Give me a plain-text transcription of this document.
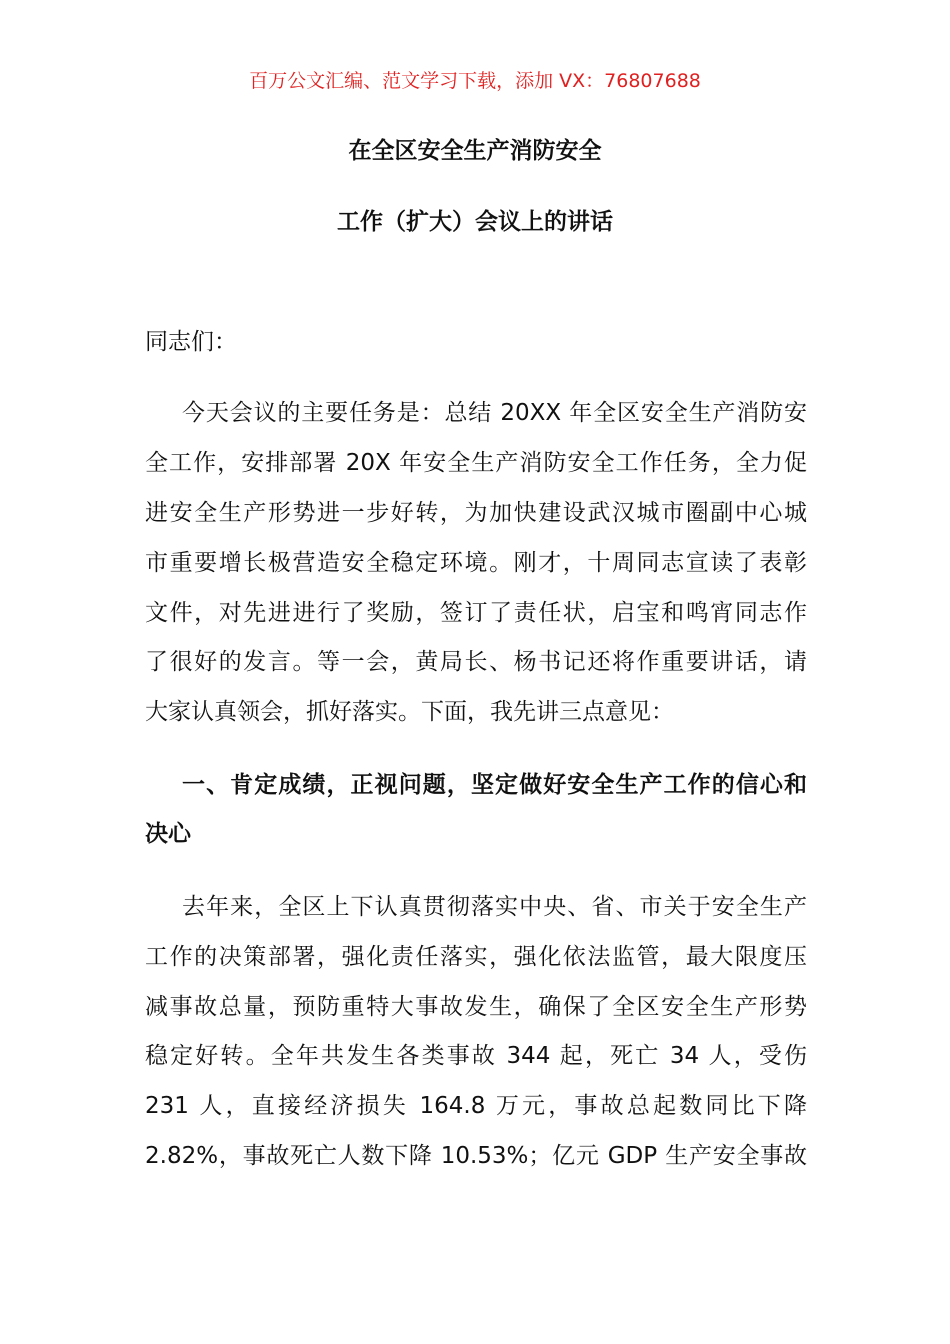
百万公文汇编、范文学习下载，添加 VX：76807688
在全区安全生产消防安全
工作（扩大）会议上的讲话
同志们：
今天会议的主要任务是：总结 20XX 年全区安全生产消防安
全工作，安排部署 20X 年安全生产消防安全工作任务，全力促
进安全生产形势进一步好转，为加快建设武汉城市圈副中心城
市重要增长极营造安全稳定环境。刚才，十周同志宣读了表彰
文件，对先进进行了奖励，签订了责任状，启宝和鸣宵同志作
了很好的发言。等一会，黄局长、杨书记还将作重要讲话，请
大家认真领会，抓好落实。下面，我先讲三点意见：
一、肯定成绩，正视问题，坚定做好安全生产工作的信心和
决心
去年来，全区上下认真贯彻落实中央、省、市关于安全生产
工作的决策部署，强化责任落实，强化依法监管，最大限度压
减事故总量，预防重特大事故发生，确保了全区安全生产形势
稳定好转。全年共发生各类事故 344 起，死亡 34 人，受伤
231 人，直接经济损失 164.8 万元，事故总起数同比下降
2.82%，事故死亡人数下降 10.53%；亿元 GDP 生产安全事故
